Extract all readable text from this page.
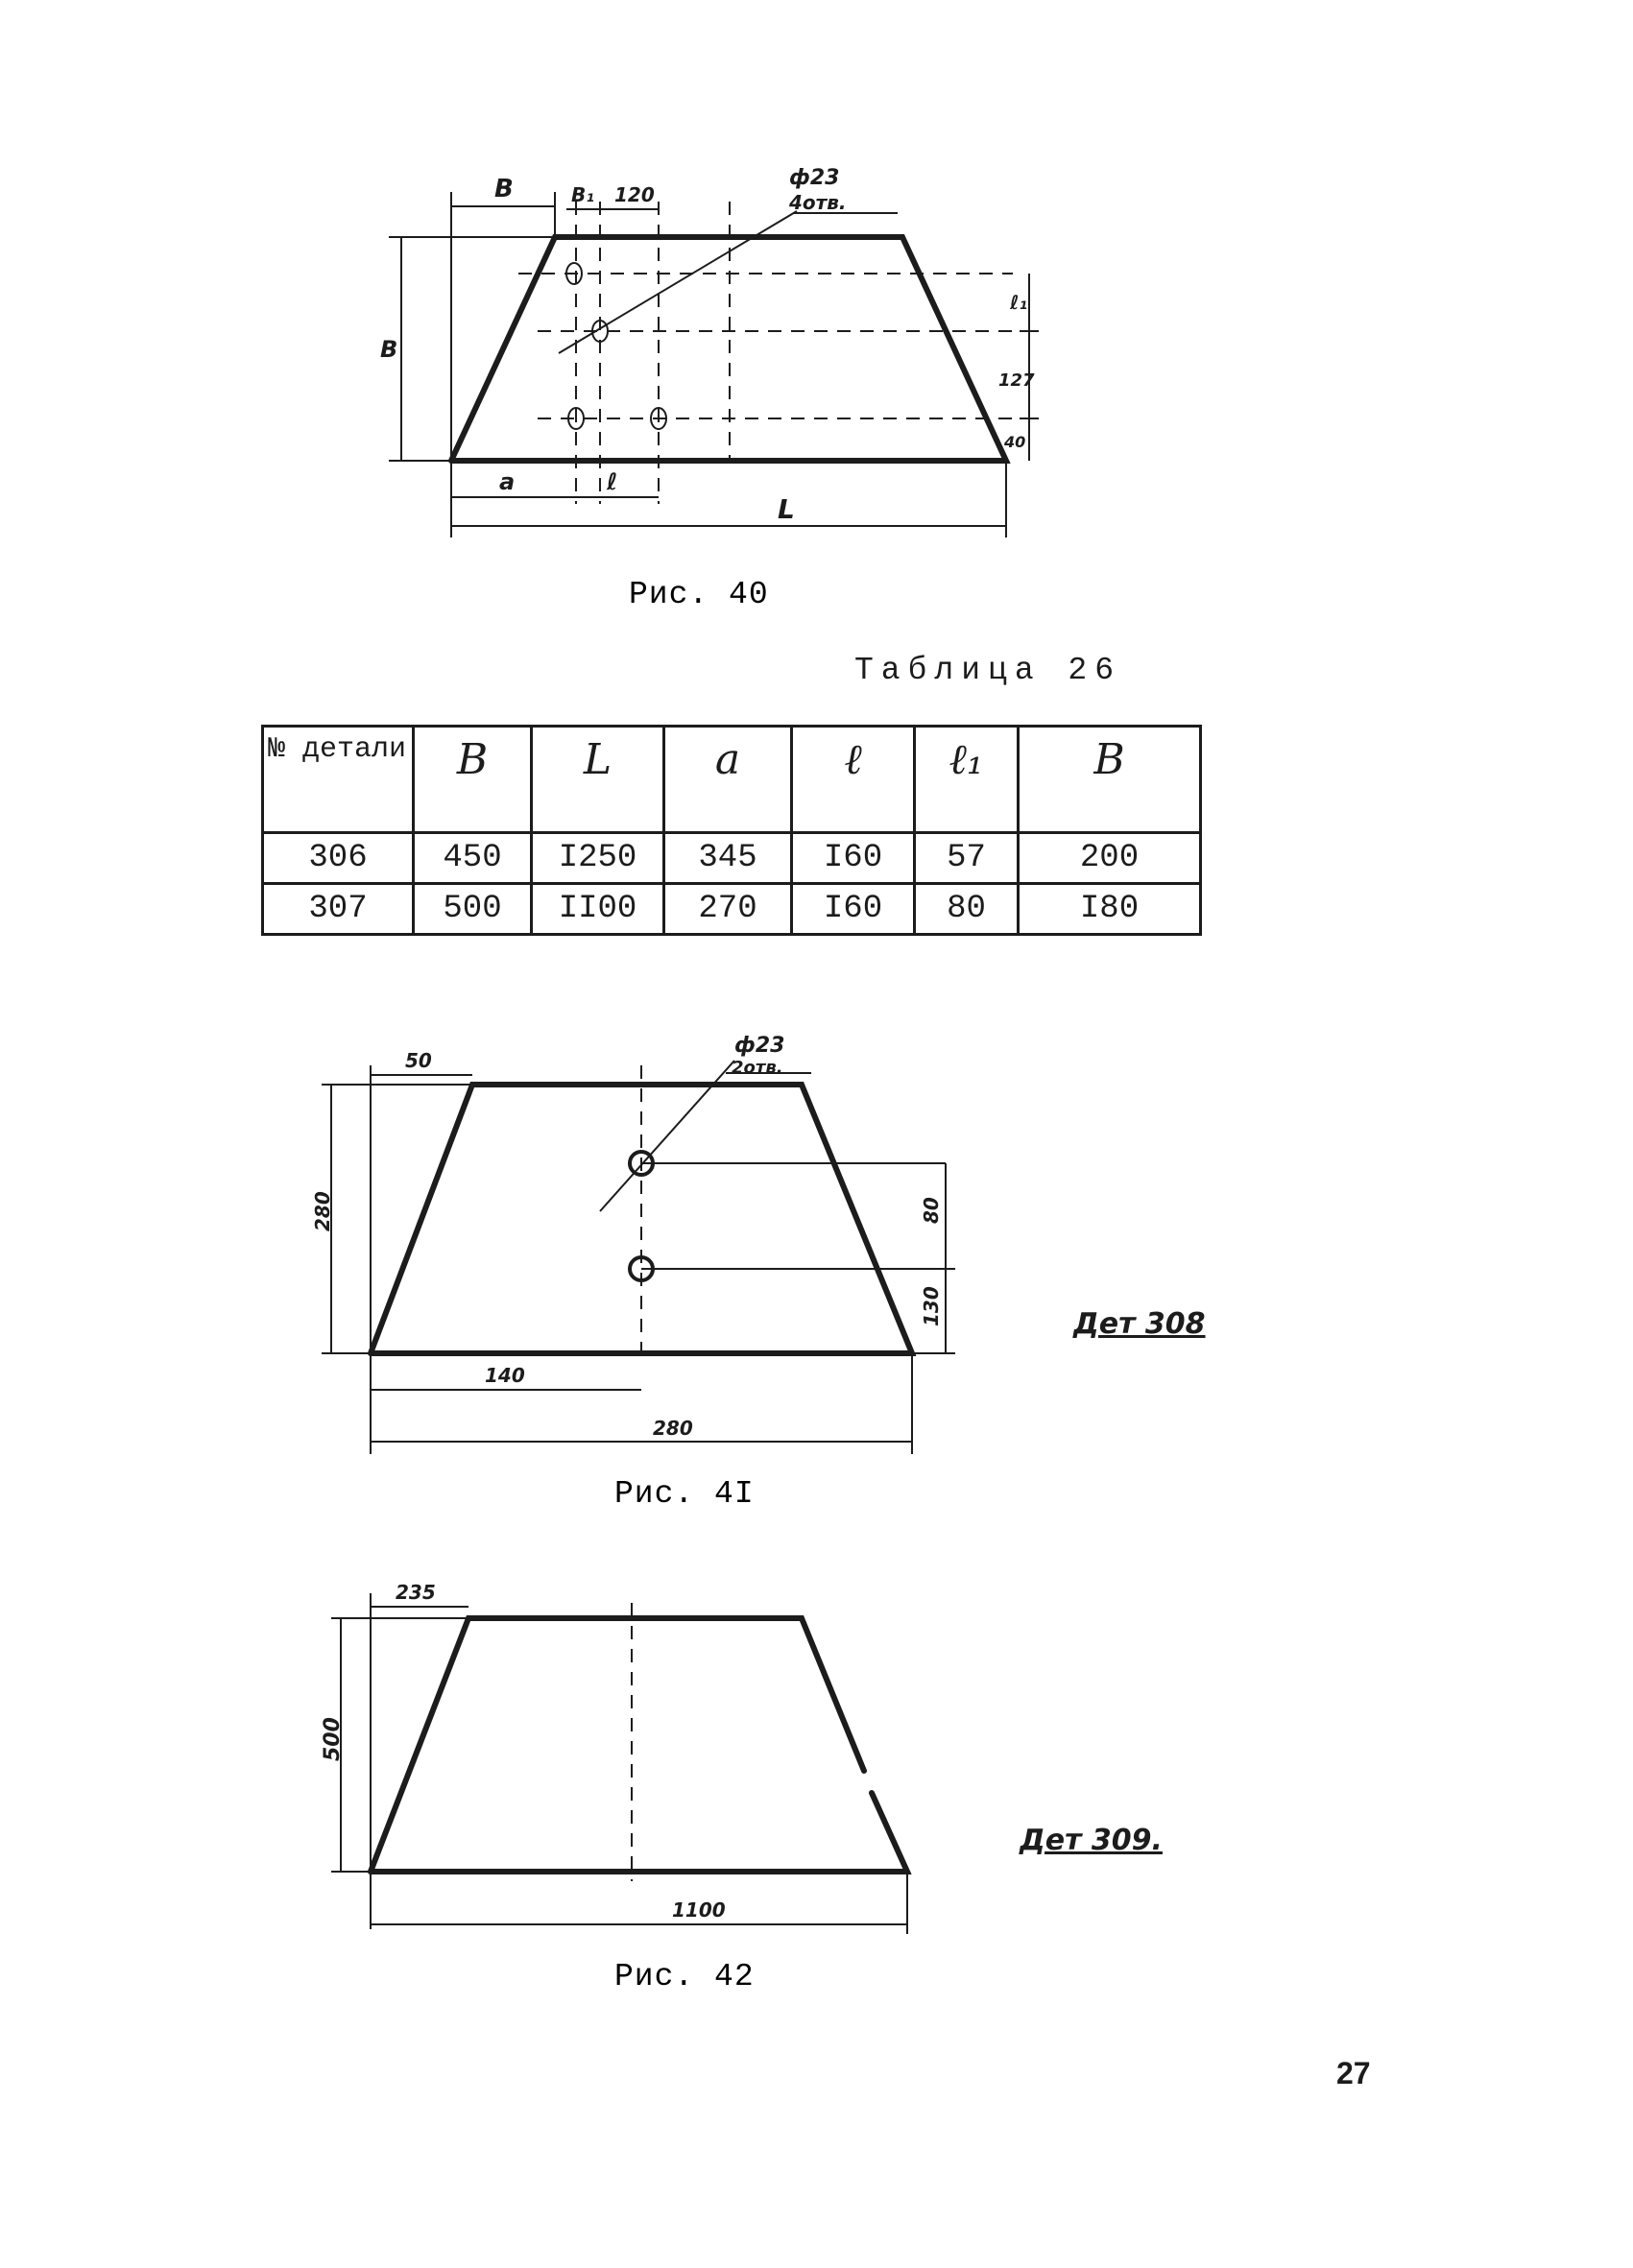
B	B₁ 120
ф23
4отв.
B
ℓ₁
127
40
a	ℓ
L
Рис. 40
Таблица 26
№ детали	B	L	a	ℓ	ℓ₁	B
306	450	I250	345	I60	57	200
307	500	II00	270	I60	80	I80
50
ф23
2отв.
280	80
130
140
280
Рис. 4I
Дет 308
235
500
1100
Рис. 42
Дет 309.
27
